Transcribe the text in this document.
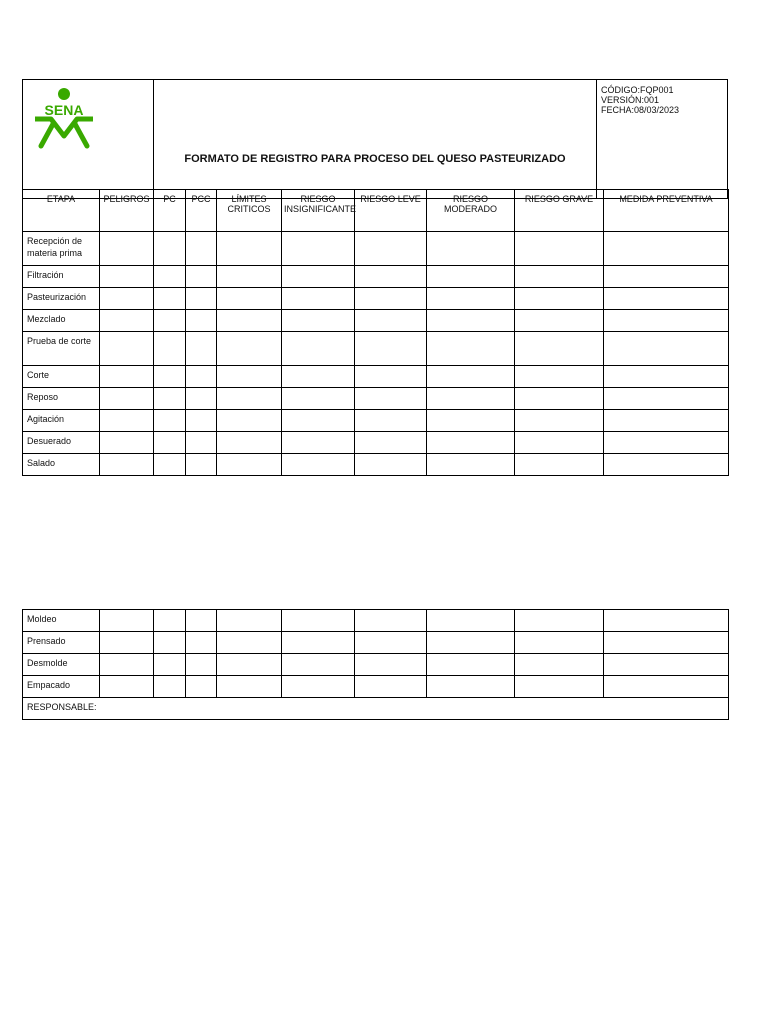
SENA
	FORMATO DE REGISTRO PARA PROCESO DEL QUESO PASTEURIZADO	
CÓDIGO:FQP001
VERSIÓN:001
FECHA:08/03/2023
ETAPA	PELIGROS	PC	PCC	LÍMITES CRITICOS	RIESGO INSIGNIFICANTE	RIESGO LEVE	RIESGO MODERADO	RIESGO GRAVE	MEDIDA PREVENTIVA
Recepción de materia prima									
Filtración									
Pasteurización									
Mezclado									
Prueba de corte									
Corte									
Reposo									
Agitación									
Desuerado									
Salado									
Moldeo									
Prensado									
Desmolde									
Empacado									
RESPONSABLE:									
